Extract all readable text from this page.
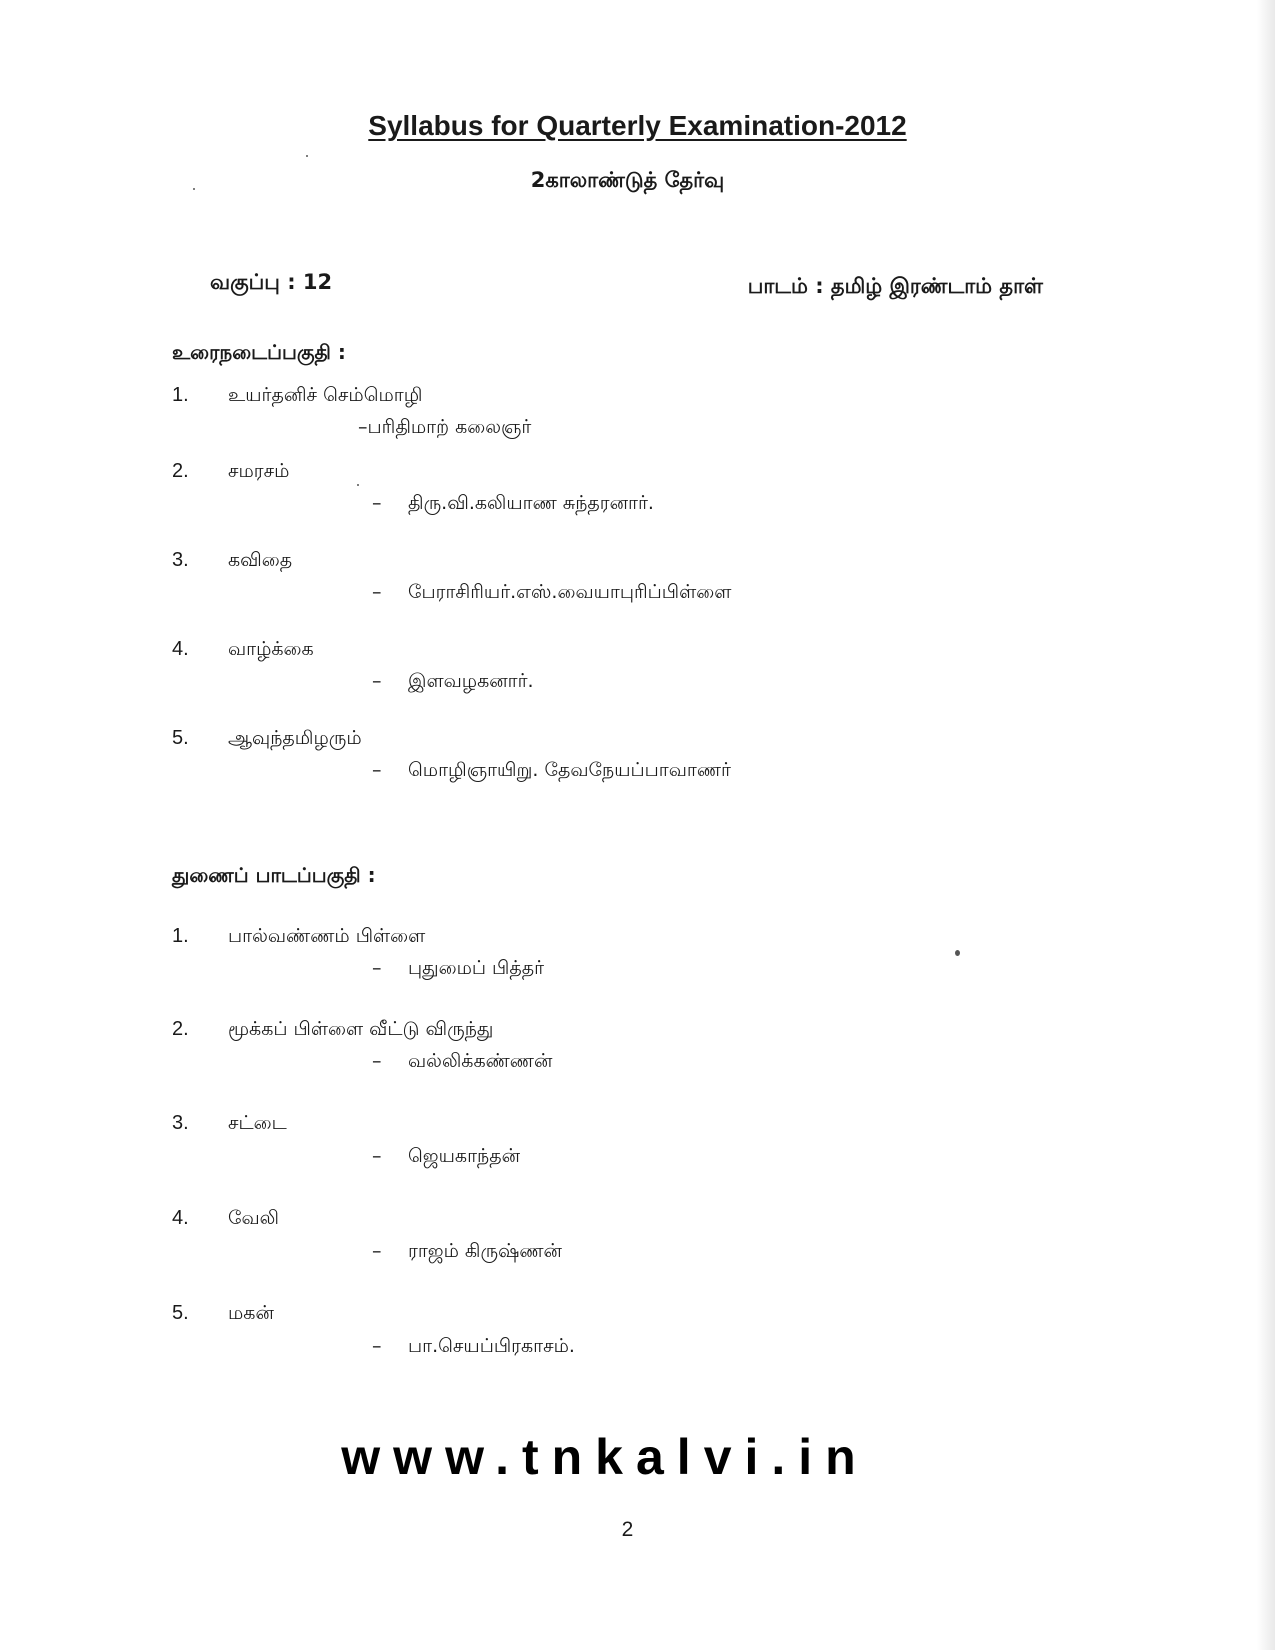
Syllabus for Quarterly Examination-2012
2காலாண்டுத் தேர்வு
வகுப்பு : 12	பாடம் : தமிழ் இரண்டாம் தாள்
உரைநடைப்பகுதி :
1. உயர்தனிச் செம்மொழி
–பரிதிமாற் கலைஞர்
2. சமரசம்
– திரு.வி.கலியாண சுந்தரனார்.
3. கவிதை
– பேராசிரியர்.எஸ்.வையாபுரிப்பிள்ளை
4. வாழ்க்கை
– இளவழகனார்.
5. ஆவுந்தமிழரும்
– மொழிஞாயிறு. தேவநேயப்பாவாணர்
துணைப் பாடப்பகுதி :
1. பால்வண்ணம் பிள்ளை
– புதுமைப் பித்தர்
2. மூக்கப் பிள்ளை வீட்டு விருந்து
– வல்லிக்கண்ணன்
3. சட்டை
– ஜெயகாந்தன்
4. வேலி
– ராஜம் கிருஷ்ணன்
5. மகன்
– பா.செயப்பிரகாசம்.
www.tnkalvi.in
2
